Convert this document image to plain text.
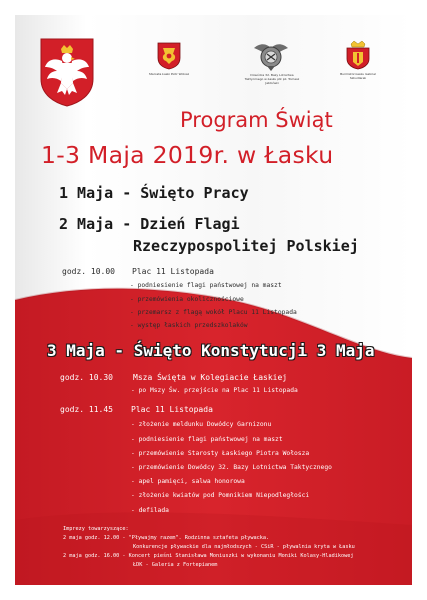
Starosta Łaski Piotr Wołosz	Dowódca 32. Bazy Lotnictwa Taktycznego w Łasku płk pil. Tomasz Jabłoński
Burmistrz Łasku Gabriel Szkudlarek
Program Świąt
1-3 Maja 2019r. w Łasku
1 Maja - Święto Pracy
2 Maja - Dzień Flagi
Rzeczypospolitej Polskiej
godz. 10.00 Plac 11 Listopada
- podniesienie flagi państwowej na maszt
- przemówienia okolicznościowe
- przemarsz z flagą wokół Placu 11 Listopada
- występ łaskich przedszkolaków
3 Maja - Święto Konstytucji 3 Maja
godz. 10.30	Msza Święta w Kolegiacie Łaskiej
- po Mszy Św. przejście na Plac 11 Listopada
godz. 11.45 Plac 11 Listopada
- złożenie meldunku Dowódcy Garnizonu
- podniesienie flagi państwowej na maszt
- przemówienie Starosty Łaskiego Piotra Wołosza
- przemówienie Dowódcy 32. Bazy Lotnictwa Taktycznego
- apel pamięci, salwa honorowa
- złożenie kwiatów pod Pomnikiem Niepodległości
- defilada
Imprezy towarzyszące:
2 maja godz. 12.00 - "Pływajmy razem". Rodzinna sztafeta pływacka.
Konkurencje pływackie dla najmłodszych - CSiR - pływalnia kryta w Łasku
2 maja godz. 16.00 - Koncert pieśni Stanisława Moniuszki w wykonaniu Moniki Kolasy-Hladikowej
ŁDK - Galeria z Fortepianem
